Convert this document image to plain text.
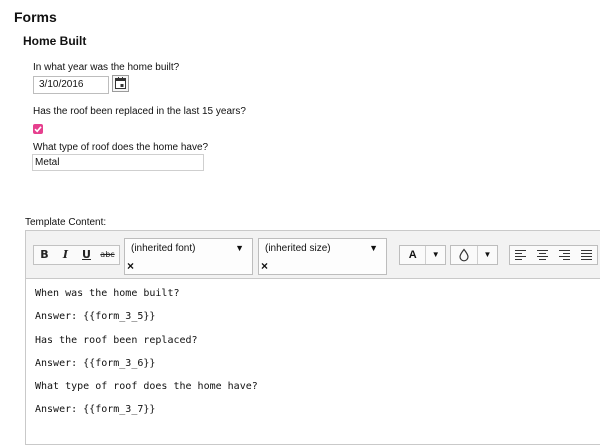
Forms
Home Built
In what year was the home built?
3/10/2016
Has the roof been replaced in the last 15 years?
What type of roof does the home have?
Metal
Template Content:
B	I	U	abc
(inherited font)	▼
×
(inherited size)	▼
×
A	▼	▼
When was the home built?
Answer: {{form_3_5}}
Has the roof been replaced?
Answer: {{form_3_6}}
What type of roof does the home have?
Answer: {{form_3_7}}
